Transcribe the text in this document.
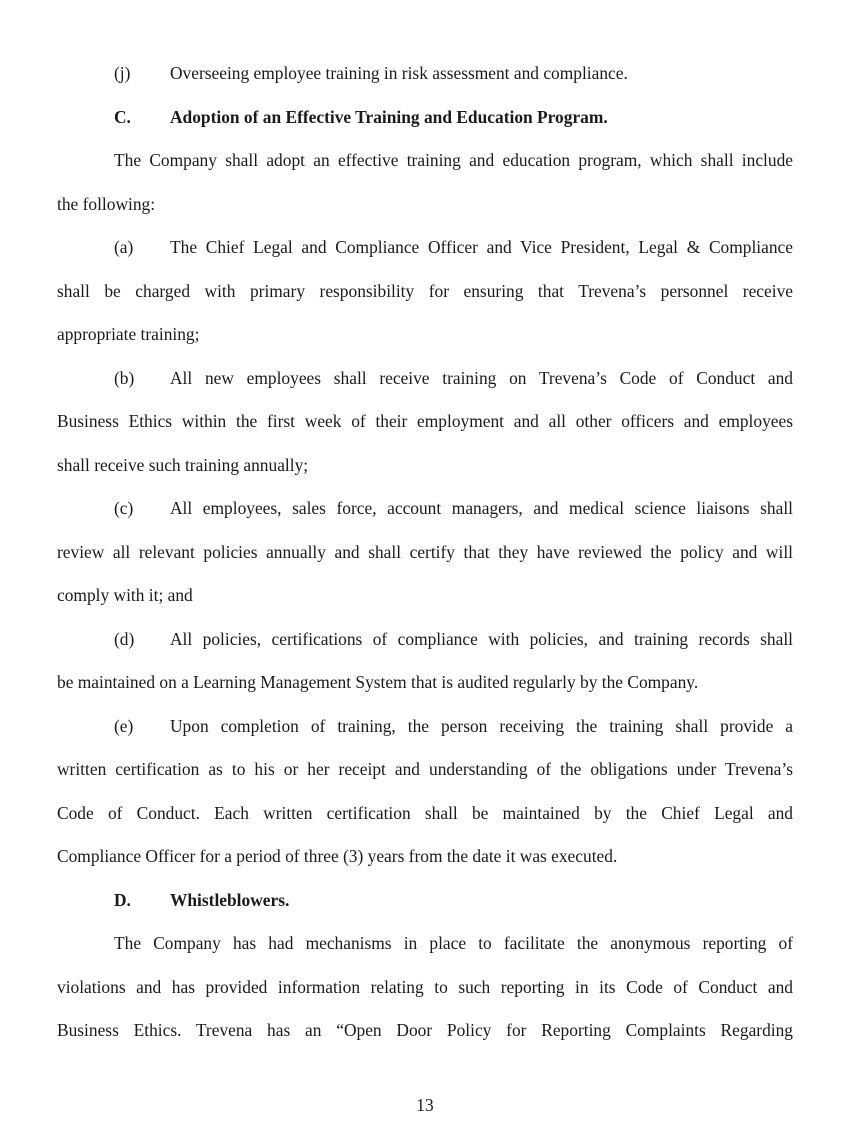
(j) Overseeing employee training in risk assessment and compliance.
C. Adoption of an Effective Training and Education Program.
The Company shall adopt an effective training and education program, which shall include
the following:
(a) The Chief Legal and Compliance Officer and Vice President, Legal & Compliance
shall be charged with primary responsibility for ensuring that Trevena’s personnel receive
appropriate training;
(b) All new employees shall receive training on Trevena’s Code of Conduct and
Business Ethics within the first week of their employment and all other officers and employees
shall receive such training annually;
(c) All employees, sales force, account managers, and medical science liaisons shall
review all relevant policies annually and shall certify that they have reviewed the policy and will
comply with it; and
(d) All policies, certifications of compliance with policies, and training records shall
be maintained on a Learning Management System that is audited regularly by the Company.
(e) Upon completion of training, the person receiving the training shall provide a
written certification as to his or her receipt and understanding of the obligations under Trevena’s
Code of Conduct. Each written certification shall be maintained by the Chief Legal and
Compliance Officer for a period of three (3) years from the date it was executed.
D. Whistleblowers.
The Company has had mechanisms in place to facilitate the anonymous reporting of
violations and has provided information relating to such reporting in its Code of Conduct and
Business Ethics. Trevena has an “Open Door Policy for Reporting Complaints Regarding
13
